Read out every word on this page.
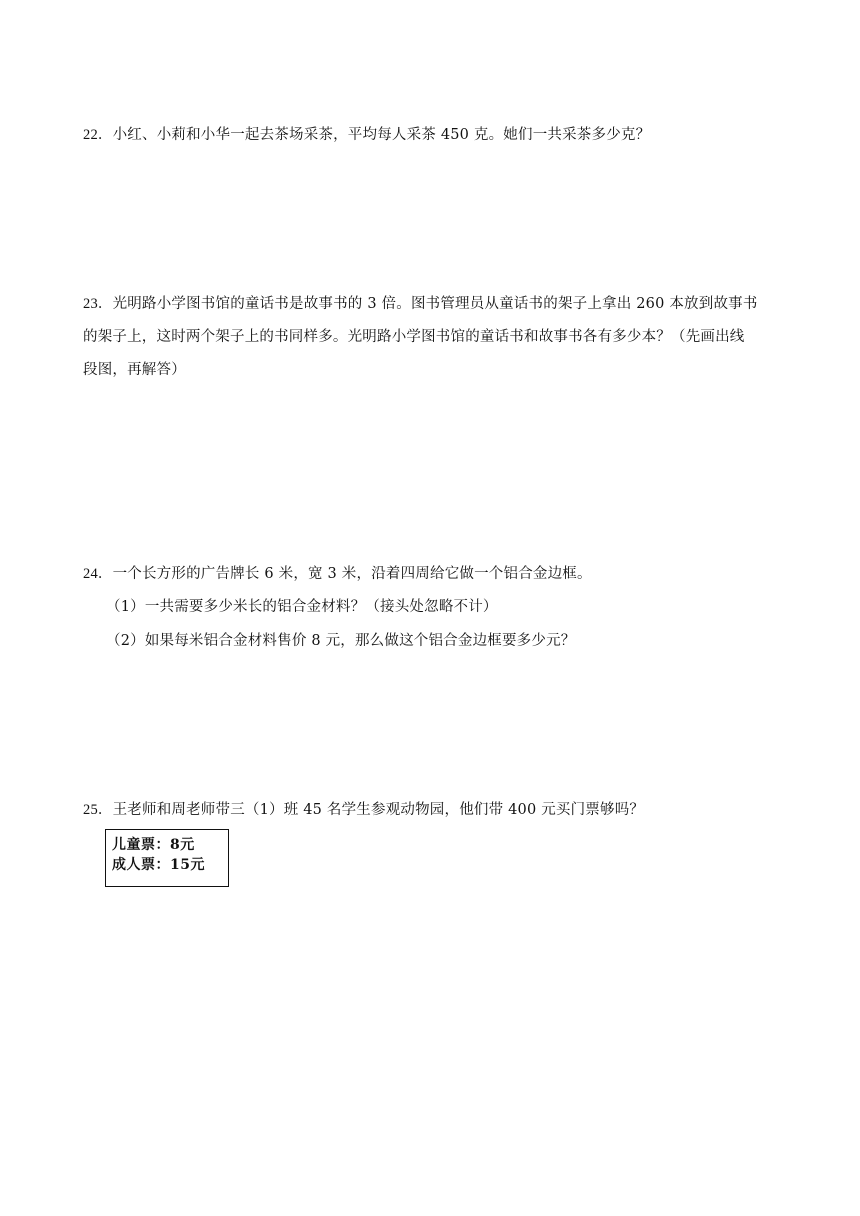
22．小红、小莉和小华一起去茶场采茶，平均每人采茶 450 克。她们一共采茶多少克？
23．光明路小学图书馆的童话书是故事书的 3 倍。图书管理员从童话书的架子上拿出 260 本放到故事书
的架子上，这时两个架子上的书同样多。光明路小学图书馆的童话书和故事书各有多少本？（先画出线
段图，再解答）
24．一个长方形的广告牌长 6 米，宽 3 米，沿着四周给它做一个铝合金边框。
（1）一共需要多少米长的铝合金材料？（接头处忽略不计）
（2）如果每米铝合金材料售价 8 元，那么做这个铝合金边框要多少元？
25．王老师和周老师带三（1）班 45 名学生参观动物园，他们带 400 元买门票够吗？
儿童票：8元
成人票：15元
